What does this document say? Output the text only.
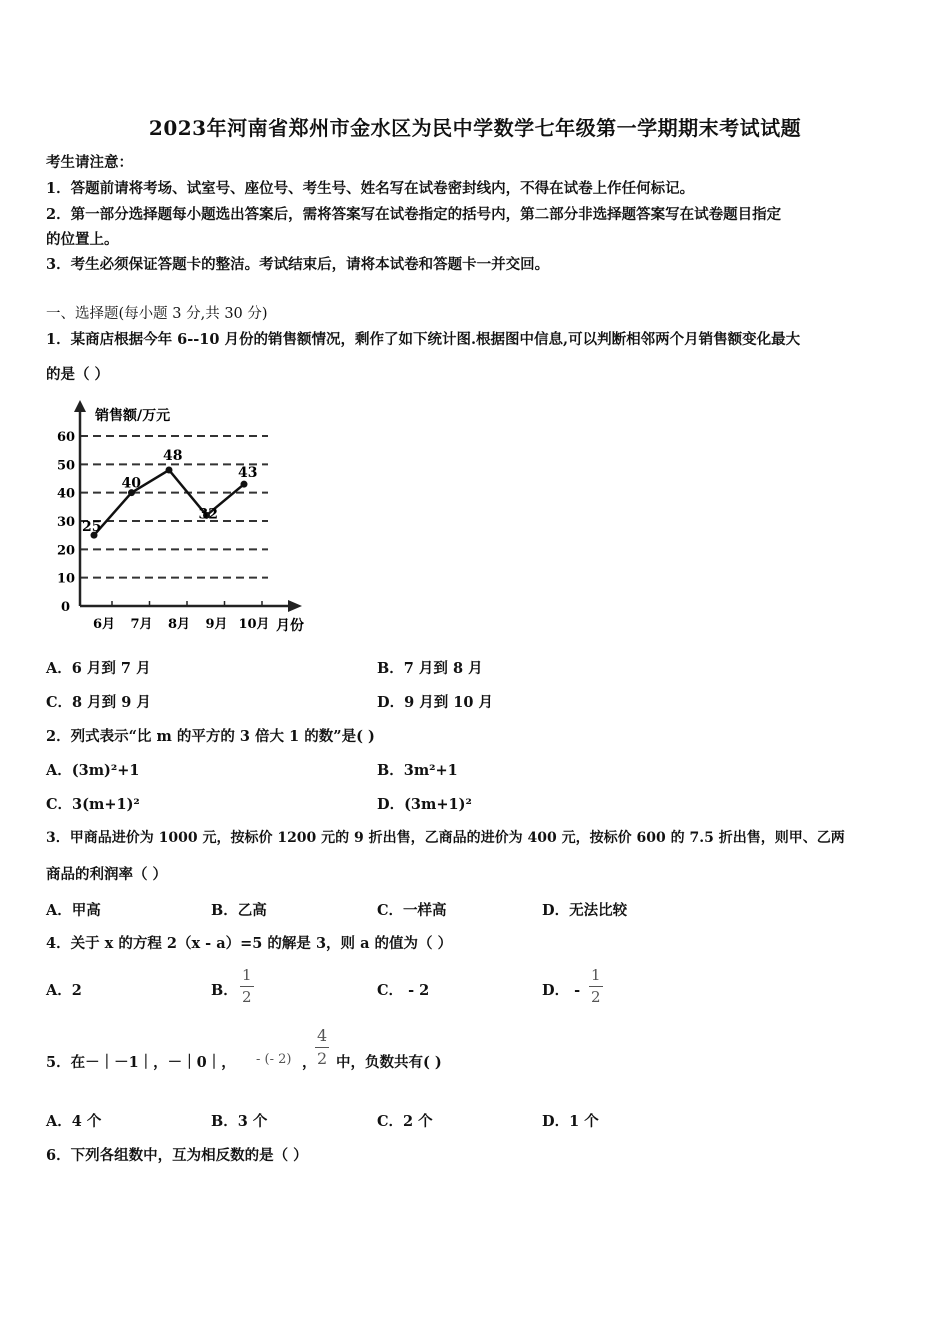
2023年河南省郑州市金水区为民中学数学七年级第一学期期末考试试题
考生请注意：
1．答题前请将考场、试室号、座位号、考生号、姓名写在试卷密封线内，不得在试卷上作任何标记。
2．第一部分选择题每小题选出答案后，需将答案写在试卷指定的括号内，第二部分非选择题答案写在试卷题目指定
的位置上。
3．考生必须保证答题卡的整洁。考试结束后，请将本试卷和答题卡一并交回。
一、选择题(每小题 3 分,共 30 分)
1．某商店根据今年 6--10 月份的销售额情况，剩作了如下统计图.根据图中信息,可以判断相邻两个月销售额变化最大
的是（ ）
销售额/万元
月份
0
10
20
30
40
50
60
6月 7月 8月 9月 10月
25
40
48
32
43
A．6 月到 7 月	B．7 月到 8 月
C．8 月到 9 月	D．9 月到 10 月
2．列式表示“比 m 的平方的 3 倍大 1 的数”是( )
A．(3m)²+1	B．3m²+1
C．3(m+1)²	D．(3m+1)²
3．甲商品进价为 1000 元，按标价 1200 元的 9 折出售，乙商品的进价为 400 元，按标价 600 的 7.5 折出售，则甲、乙两
商品的利润率（ ）
A．甲高	B．乙高	C．一样高	D．无法比较
4．关于 x 的方程 2（x - a）=5 的解是 3，则 a 的值为（ ）
A．2	B． $\frac{1}{2}$	C． - 2	D． - $\frac{1}{2}$
5．在－｜－1｜，－｜0｜， - (- 2) ，
$\frac{4}{2}$ 中，负数共有( )
A．4 个	B．3 个	C．2 个	D．1 个
6．下列各组数中，互为相反数的是（ ）
